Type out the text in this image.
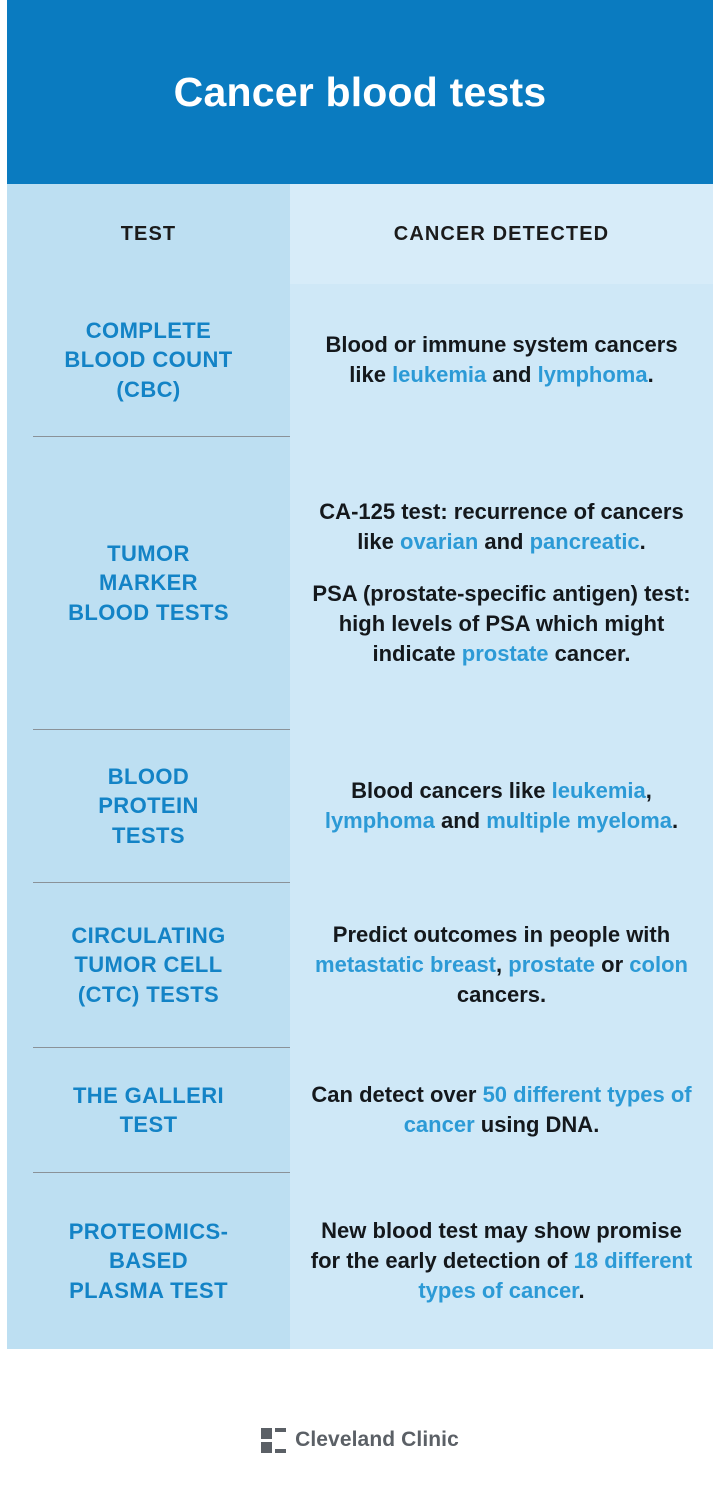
Cancer blood tests
TEST	CANCER DETECTED
COMPLETE
BLOOD COUNT
(CBC)
Blood or immune system cancers like leukemia and lymphoma.
TUMOR
MARKER
BLOOD TESTS
CA-125 test: recurrence of cancers like ovarian and pancreatic.
PSA (prostate-specific antigen) test: high levels of PSA which might indicate prostate cancer.
BLOOD
PROTEIN
TESTS
Blood cancers like leukemia, lymphoma and multiple myeloma.
CIRCULATING
TUMOR CELL
(CTC) TESTS
Predict outcomes in people with metastatic breast, prostate or colon cancers.
THE GALLERI
TEST
Can detect over 50 different types of cancer using DNA.
PROTEOMICS-
BASED
PLASMA TEST
New blood test may show promise for the early detection of 18 different types of cancer.
Cleveland Clinic
